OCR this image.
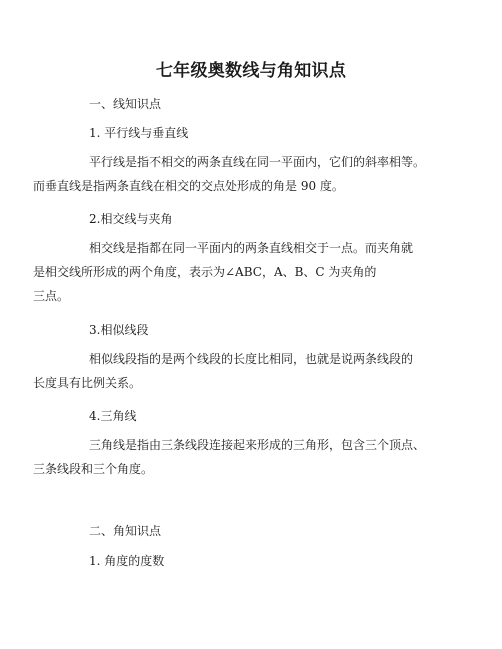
七年级奥数线与角知识点

一、线知识点

1. 平行线与垂直线

平行线是指不相交的两条直线在同一平面内，它们的斜率相等。

而垂直线是指两条直线在相交的交点处形成的角是 90 度。

2.相交线与夹角

相交线是指都在同一平面内的两条直线相交于一点。而夹角就

是相交线所形成的两个角度，表示为∠ABC，A、B、C 为夹角的

三点。

3.相似线段

相似线段指的是两个线段的长度比相同，也就是说两条线段的

长度具有比例关系。

4.三角线

三角线是指由三条线段连接起来形成的三角形，包含三个顶点、

三条线段和三个角度。

二、角知识点

1. 角度的度数
